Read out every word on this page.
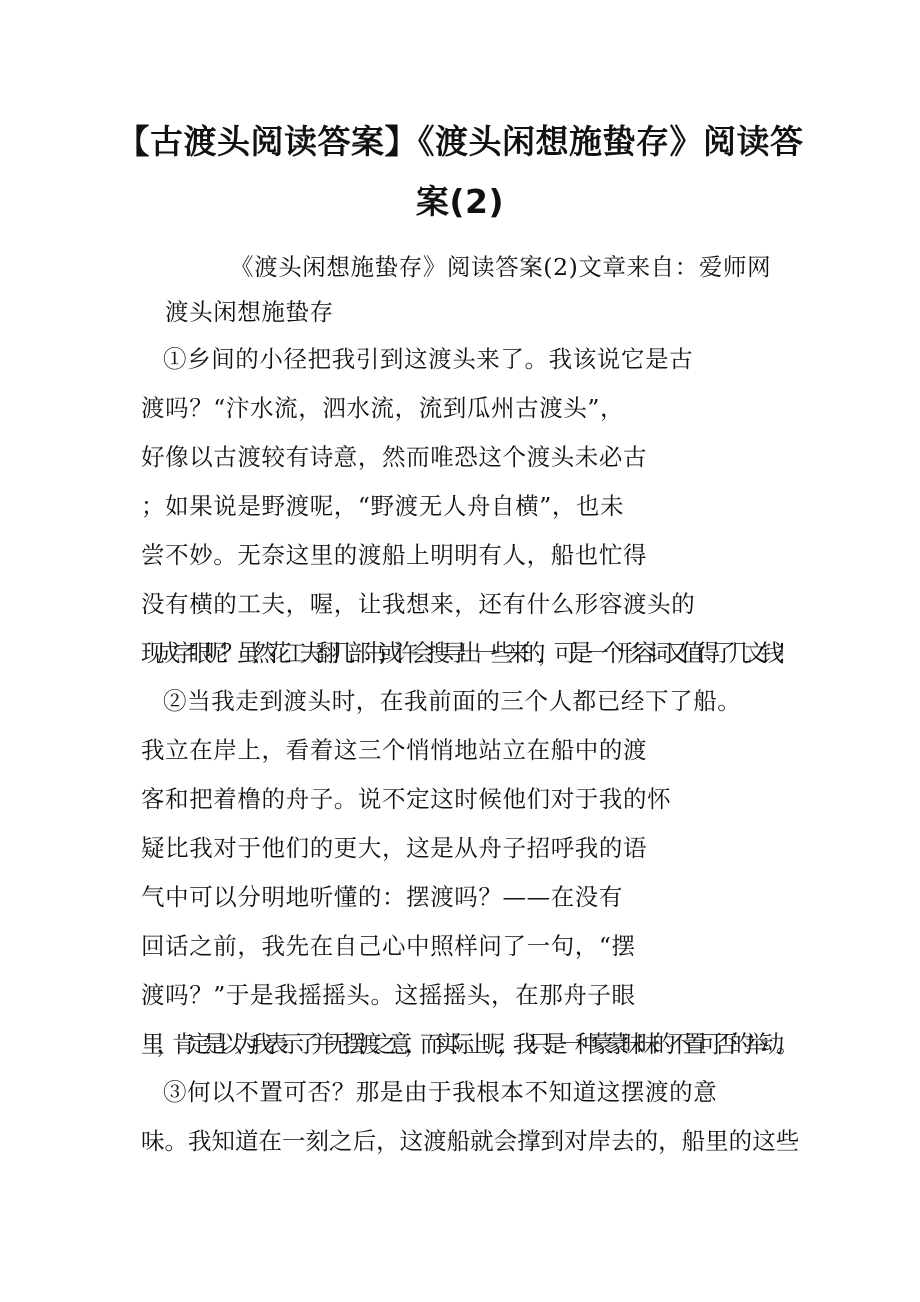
【古渡头阅读答案】《渡头闲想施蛰存》阅读答案(2)

《渡头闲想施蛰存》阅读答案(2)文章来自：爱师网

渡头闲想施蛰存

①乡间的小径把我引到这渡头来了。我该说它是古

渡吗？“汴水流，泗水流，流到瓜州古渡头”，

好像以古渡较有诗意，然而唯恐这个渡头未必古

；如果说是野渡呢，“野渡无人舟自横”，也未

尝不妙。无奈这里的渡船上明明有人，船也忙得

没有横的工夫，喔，让我想来，还有什么形容渡头的

现成字眼呢？虽然花工夫翻几部书,或许会搜寻出一些来的，可是一个形容词又值得了几文钱！

②当我走到渡头时，在我前面的三个人都已经下了船。

我立在岸上，看着这三个悄悄地站立在船中的渡

客和把着橹的舟子。说不定这时候他们对于我的怀

疑比我对于他们的更大，这是从舟子招呼我的语

气中可以分明地听懂的：摆渡吗？——在没有

回话之前，我先在自己心中照样问了一句，“摆

渡吗？”于是我摇摇头。这摇摇头，在那舟子眼

里，肯定是以为我表示了并无摆渡之意，而实际上呢，我只是一种蒙蒙昧昧的不置可否的举动。

③何以不置可否？那是由于我根本不知道这摆渡的意

味。我知道在一刻之后，这渡船就会撑到对岸去的，船里的这些
